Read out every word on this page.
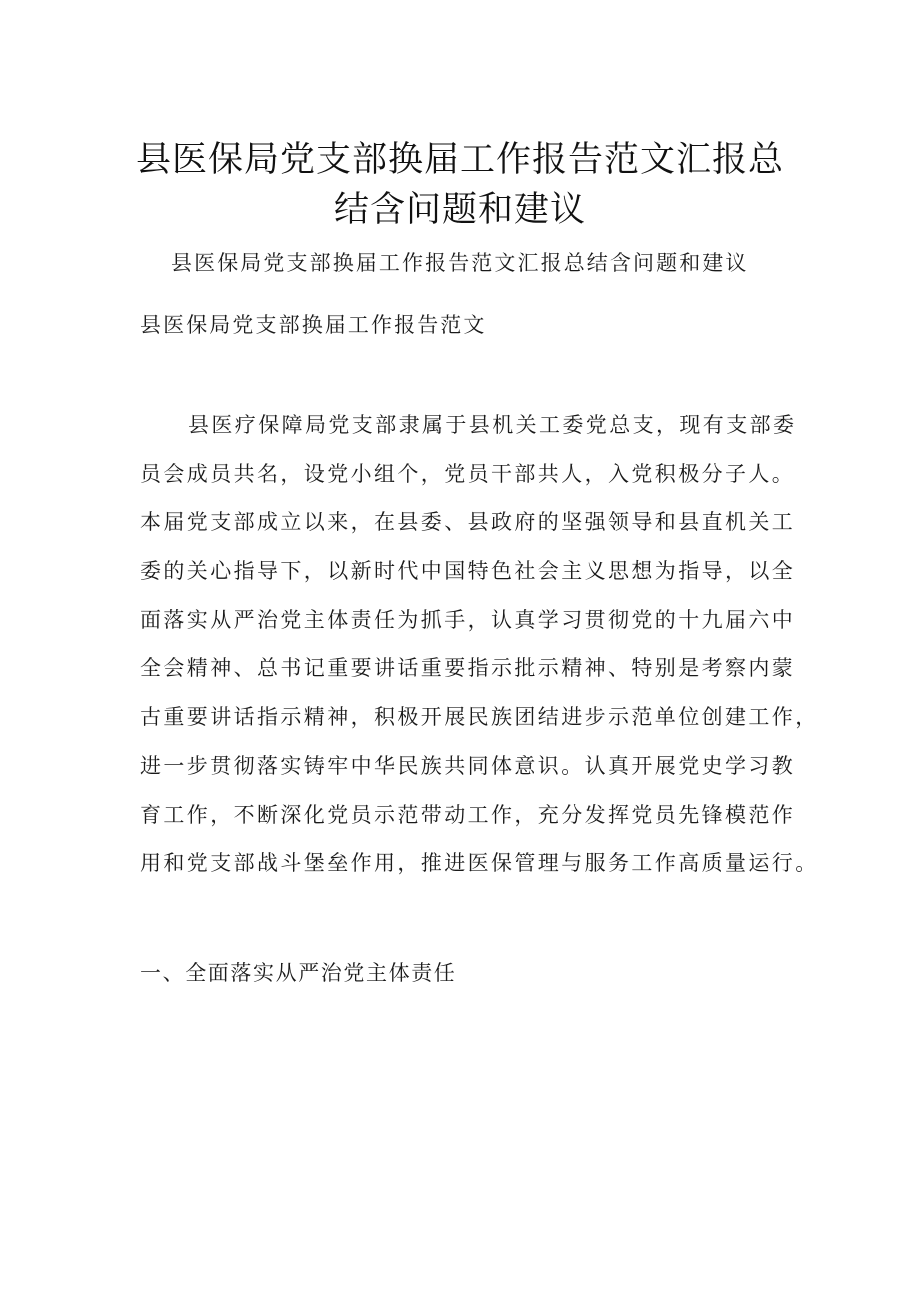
县医保局党支部换届工作报告范文汇报总
结含问题和建议
县医保局党支部换届工作报告范文汇报总结含问题和建议
县医保局党支部换届工作报告范文
县医疗保障局党支部隶属于县机关工委党总支，现有支部委
员会成员共名，设党小组个，党员干部共人，入党积极分子人。
本届党支部成立以来，在县委、县政府的坚强领导和县直机关工
委的关心指导下，以新时代中国特色社会主义思想为指导，以全
面落实从严治党主体责任为抓手，认真学习贯彻党的十九届六中
全会精神、总书记重要讲话重要指示批示精神、特别是考察内蒙
古重要讲话指示精神，积极开展民族团结进步示范单位创建工作，
进一步贯彻落实铸牢中华民族共同体意识。认真开展党史学习教
育工作，不断深化党员示范带动工作，充分发挥党员先锋模范作
用和党支部战斗堡垒作用，推进医保管理与服务工作高质量运行。
一、全面落实从严治党主体责任
